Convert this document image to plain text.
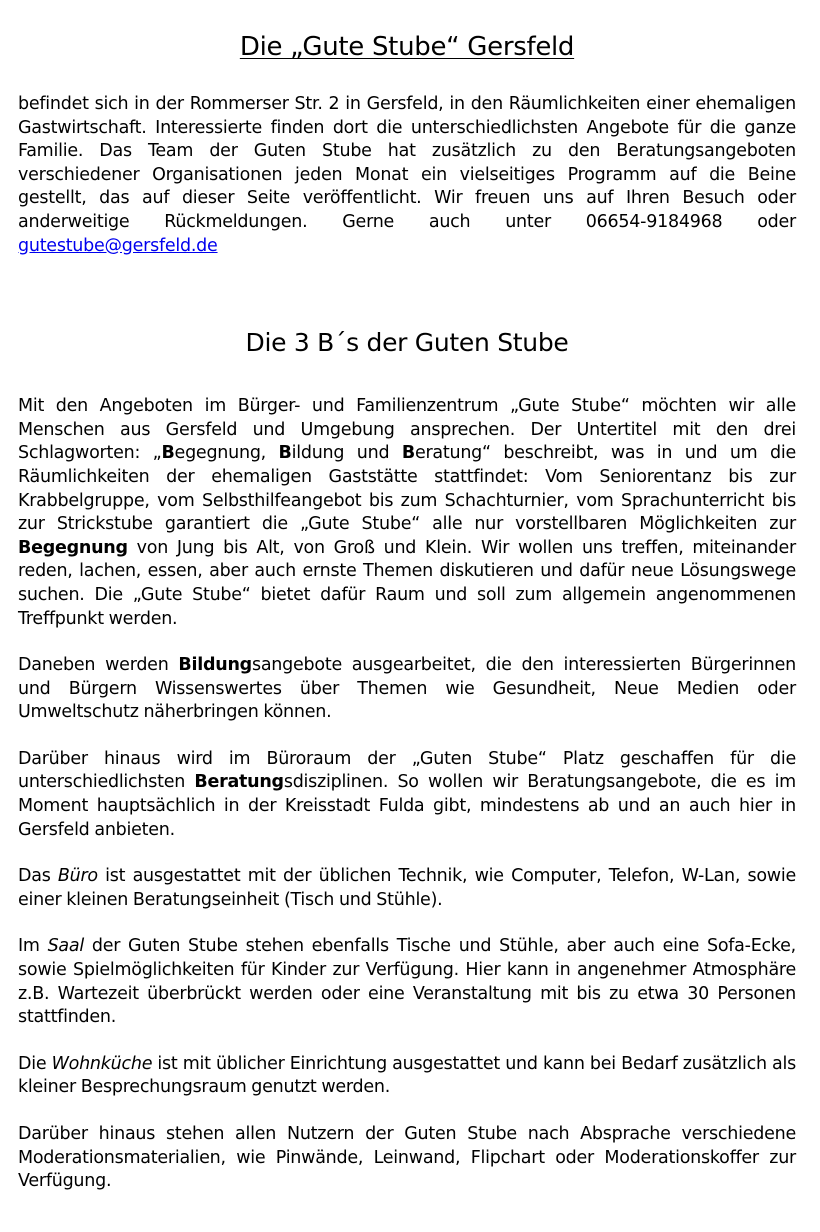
Die „Gute Stube“ Gersfeld

befindet sich in der Rommerser Str. 2 in Gersfeld, in den Räumlichkeiten einer ehemaligen Gastwirtschaft. Interessierte finden dort die unterschiedlichsten Angebote für die ganze Familie. Das Team der Guten Stube hat zusätzlich zu den Beratungsangeboten verschiedener Organisationen jeden Monat ein vielseitiges Programm auf die Beine gestellt, das auf dieser Seite veröffentlicht. Wir freuen uns auf Ihren Besuch oder anderweitige Rückmeldungen. Gerne auch unter 06654-9184968 oder gutestube@gersfeld.de

Die 3 B´s der Guten Stube

Mit den Angeboten im Bürger- und Familienzentrum „Gute Stube“ möchten wir alle Menschen aus Gersfeld und Umgebung ansprechen. Der Untertitel mit den drei Schlagworten: „Begegnung, Bildung und Beratung“ beschreibt, was in und um die Räumlichkeiten der ehemaligen Gaststätte stattfindet: Vom Seniorentanz bis zur Krabbelgruppe, vom Selbsthilfeangebot bis zum Schachturnier, vom Sprachunterricht bis zur Strickstube garantiert die „Gute Stube“ alle nur vorstellbaren Möglichkeiten zur Begegnung von Jung bis Alt, von Groß und Klein. Wir wollen uns treffen, miteinander reden, lachen, essen, aber auch ernste Themen diskutieren und dafür neue Lösungswege suchen. Die „Gute Stube“ bietet dafür Raum und soll zum allgemein angenommenen Treffpunkt werden.

Daneben werden Bildungsangebote ausgearbeitet, die den interessierten Bürgerinnen und Bürgern Wissenswertes über Themen wie Gesundheit, Neue Medien oder Umweltschutz näherbringen können.

Darüber hinaus wird im Büroraum der „Guten Stube“ Platz geschaffen für die unterschiedlichsten Beratungsdisziplinen. So wollen wir Beratungsangebote, die es im Moment hauptsächlich in der Kreisstadt Fulda gibt, mindestens ab und an auch hier in Gersfeld anbieten.

Das Büro ist ausgestattet mit der üblichen Technik, wie Computer, Telefon, W-Lan, sowie einer kleinen Beratungseinheit (Tisch und Stühle).

Im Saal der Guten Stube stehen ebenfalls Tische und Stühle, aber auch eine Sofa-Ecke, sowie Spielmöglichkeiten für Kinder zur Verfügung. Hier kann in angenehmer Atmosphäre z.B. Wartezeit überbrückt werden oder eine Veranstaltung mit bis zu etwa 30 Personen stattfinden.

Die Wohnküche ist mit üblicher Einrichtung ausgestattet und kann bei Bedarf zusätzlich als kleiner Besprechungsraum genutzt werden.

Darüber hinaus stehen allen Nutzern der Guten Stube nach Absprache verschiedene Moderationsmaterialien, wie Pinwände, Leinwand, Flipchart oder Moderationskoffer zur Verfügung.
